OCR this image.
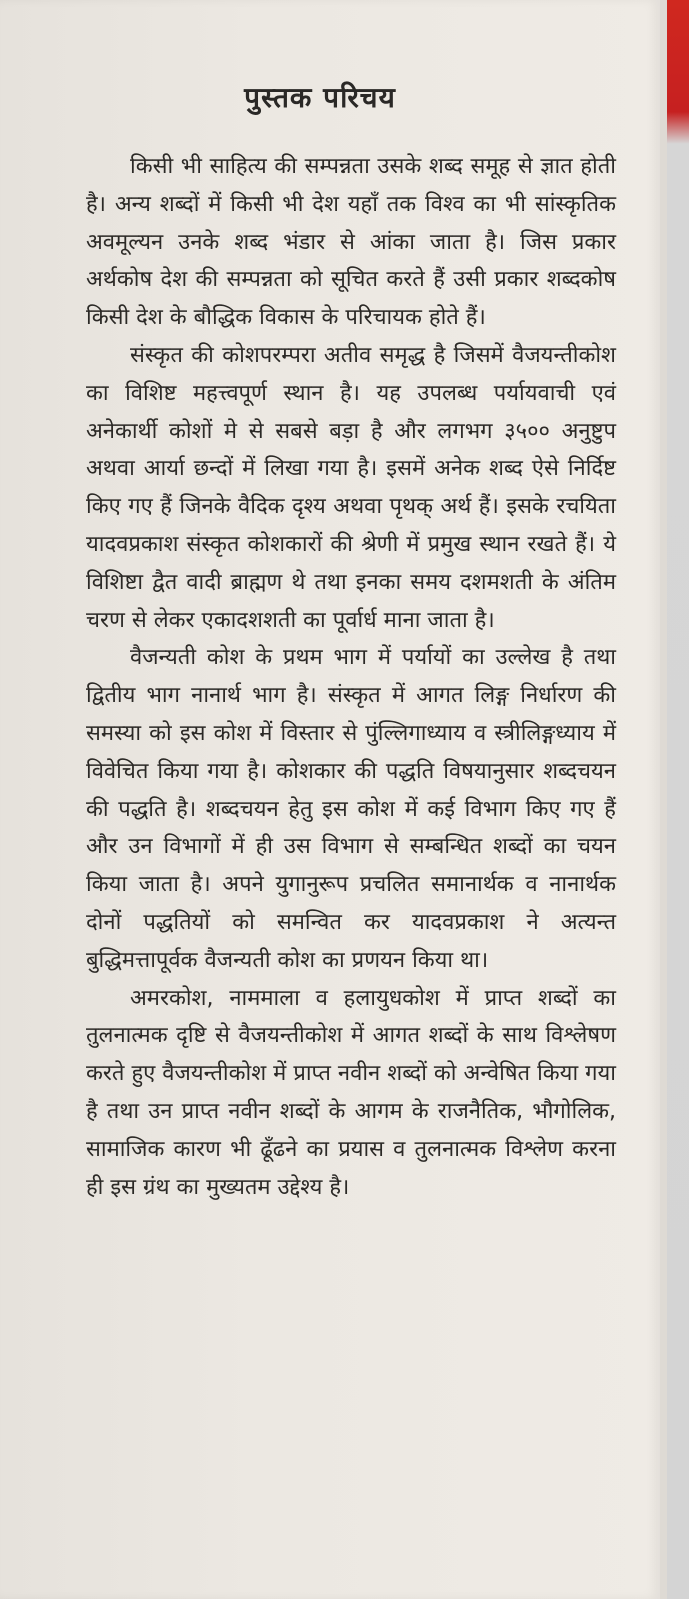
पुस्तक परिचय

किसी भी साहित्य की सम्पन्नता उसके शब्द समूह से ज्ञात होती है। अन्य शब्दों में किसी भी देश यहाँ तक विश्व का भी सांस्कृतिक अवमूल्यन उनके शब्द भंडार से आंका जाता है। जिस प्रकार अर्थकोष देश की सम्पन्नता को सूचित करते हैं उसी प्रकार शब्दकोष किसी देश के बौद्धिक विकास के परिचायक होते हैं।

संस्कृत की कोशपरम्परा अतीव समृद्ध है जिसमें वैजयन्तीकोश का विशिष्ट महत्त्वपूर्ण स्थान है। यह उपलब्ध पर्यायवाची एवं अनेकार्थी कोशों मे से सबसे बड़ा है और लगभग ३५०० अनुष्टुप अथवा आर्या छन्दों में लिखा गया है। इसमें अनेक शब्द ऐसे निर्दिष्ट किए गए हैं जिनके वैदिक दृश्य अथवा पृथक् अर्थ हैं। इसके रचयिता यादवप्रकाश संस्कृत कोशकारों की श्रेणी में प्रमुख स्थान रखते हैं। ये विशिष्टा द्वैत वादी ब्राह्मण थे तथा इनका समय दशमशती के अंतिम चरण से लेकर एकादशशती का पूर्वार्ध माना जाता है।

वैजन्यती कोश के प्रथम भाग में पर्यायों का उल्लेख है तथा द्वितीय भाग नानार्थ भाग है। संस्कृत में आगत लिङ्ग निर्धारण की समस्या को इस कोश में विस्तार से पुंल्लिगाध्याय व स्त्रीलिङ्गध्याय में विवेचित किया गया है। कोशकार की पद्धति विषयानुसार शब्दचयन की पद्धति है। शब्दचयन हेतु इस कोश में कई विभाग किए गए हैं और उन विभागों में ही उस विभाग से सम्बन्धित शब्दों का चयन किया जाता है। अपने युगानुरूप प्रचलित समानार्थक व नानार्थक दोनों पद्धतियों को समन्वित कर यादवप्रकाश ने अत्यन्त बुद्धिमत्तापूर्वक वैजन्यती कोश का प्रणयन किया था।

अमरकोश, नाममाला व हलायुधकोश में प्राप्त शब्दों का तुलनात्मक दृष्टि से वैजयन्तीकोश में आगत शब्दों के साथ विश्लेषण करते हुए वैजयन्तीकोश में प्राप्त नवीन शब्दों को अन्वेषित किया गया है तथा उन प्राप्त नवीन शब्दों के आगम के राजनैतिक, भौगोलिक, सामाजिक कारण भी ढूँढने का प्रयास व तुलनात्मक विश्लेण करना ही इस ग्रंथ का मुख्यतम उद्देश्य है।
